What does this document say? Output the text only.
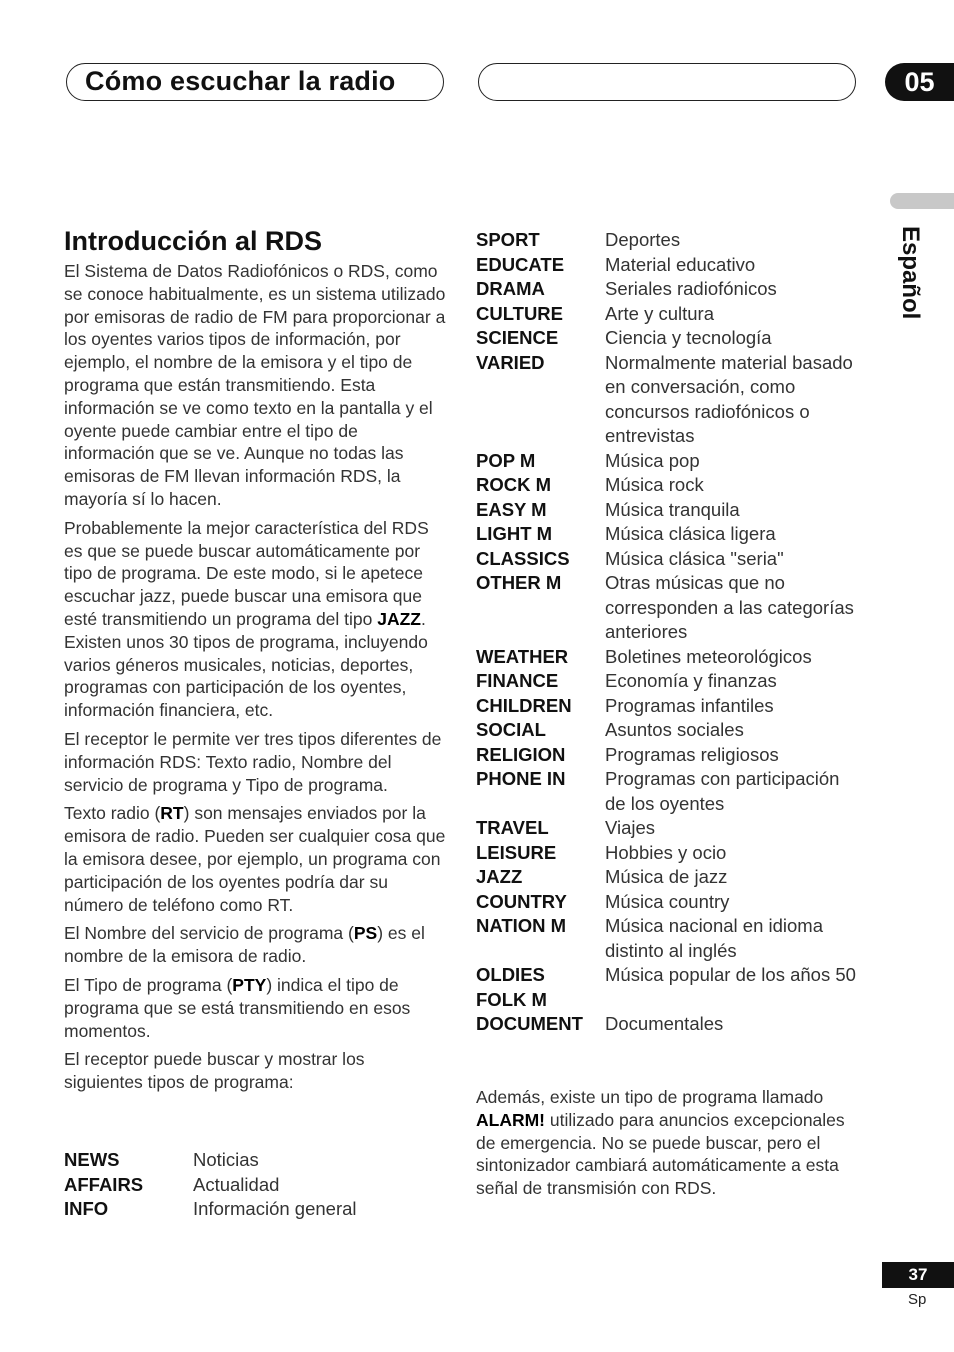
Cómo escuchar la radio	05
Español
Introducción al RDS

El Sistema de Datos Radiofónicos o RDS, como se conoce habitualmente, es un sistema utilizado por emisoras de radio de FM para proporcionar a los oyentes varios tipos de información, por ejemplo, el nombre de la emisora y el tipo de programa que están transmitiendo. Esta información se ve como texto en la pantalla y el oyente puede cambiar entre el tipo de información que se ve. Aunque no todas las emisoras de FM llevan información RDS, la mayoría sí lo hacen.

Probablemente la mejor característica del RDS es que se puede buscar automáticamente por tipo de programa. De este modo, si le apetece escuchar jazz, puede buscar una emisora que esté transmitiendo un programa del tipo JAZZ. Existen unos 30 tipos de programa, incluyendo varios géneros musicales, noticias, deportes, programas con participación de los oyentes, información financiera, etc.

El receptor le permite ver tres tipos diferentes de información RDS: Texto radio, Nombre del servicio de programa y Tipo de programa.

Texto radio (RT) son mensajes enviados por la emisora de radio. Pueden ser cualquier cosa que la emisora desee, por ejemplo, un programa con participación de los oyentes podría dar su número de teléfono como RT.

El Nombre del servicio de programa (PS) es el nombre de la emisora de radio.

El Tipo de programa (PTY) indica el tipo de programa que se está transmitiendo en esos momentos.

El receptor puede buscar y mostrar los siguientes tipos de programa:

NEWS	Noticias
AFFAIRS	Actualidad
INFO	Información general
SPORT	Deportes
EDUCATE Material educativo
DRAMA	Seriales radiofónicos
CULTURE Arte y cultura
SCIENCE	Ciencia y tecnología
VARIED	Normalmente material basado en conversación, como concursos radiofónicos o entrevistas
POP M	Música pop
ROCK M	Música rock
EASY M	Música tranquila
LIGHT M	Música clásica ligera
CLASSICS Música clásica "seria"
OTHER M Otras músicas que no corresponden a las categorías anteriores
WEATHER Boletines meteorológicos
FINANCE	Economía y finanzas
CHILDREN Programas infantiles
SOCIAL	Asuntos sociales
RELIGION Programas religiosos
PHONE IN Programas con participación de los oyentes
TRAVEL	Viajes
LEISURE	Hobbies y ocio
JAZZ	Música de jazz
COUNTRY Música country
NATION M Música nacional en idioma distinto al inglés
OLDIES	Música popular de los años 50
FOLK M
DOCUMENT Documentales
Además, existe un tipo de programa llamado ALARM! utilizado para anuncios excepcionales de emergencia. No se puede buscar, pero el sintonizador cambiará automáticamente a esta señal de transmisión con RDS.
37
Sp
